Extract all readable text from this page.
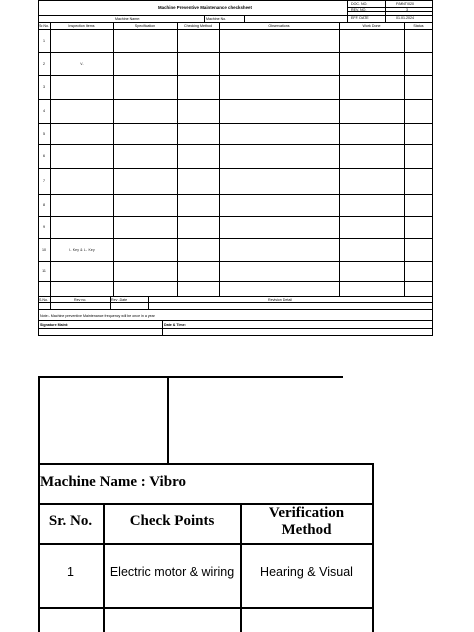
Machine Preventive Maintenance checksheet
DOC. NO.	F/MNT/020
REV. NO.	3
EFF. DATE	01.01.2024
Machine Name:	Machine No.
Sr.No.	Inspection Items	Specification	Checking Method	Observations	Work Done	Status
1
2	V-
3
4
5
6
7
8
9
10	I- Key & L- Key
11
S.No.	Rev no.	Rev -Date	Revision Detail
Note:- Machine preventive Maintenance frequency will be once in a year
Signature Maint:	Date & Time:
Machine Name : Vibro
Sr. No.	Check Points	Verification
Method
1	Electric motor & wiring	Hearing & Visual
